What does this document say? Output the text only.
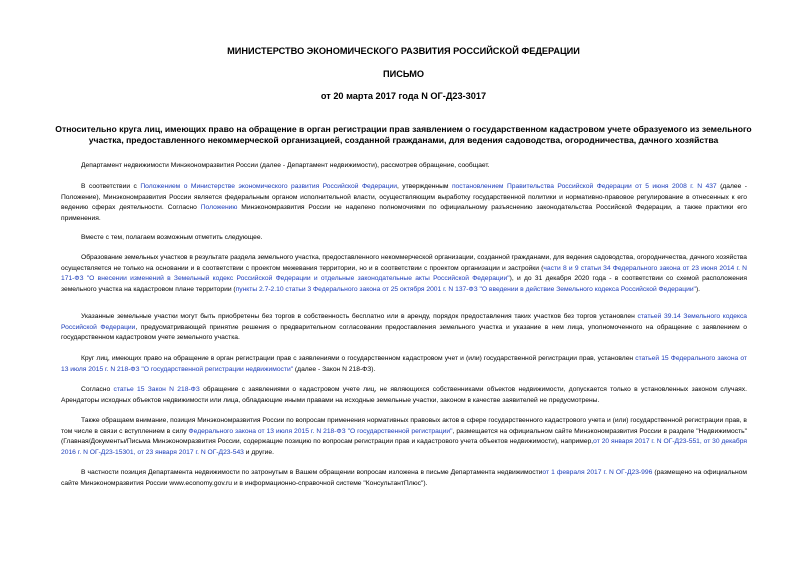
МИНИСТЕРСТВО ЭКОНОМИЧЕСКОГО РАЗВИТИЯ РОССИЙСКОЙ ФЕДЕРАЦИИ
ПИСЬМО
от 20 марта 2017 года N ОГ-Д23-3017
Относительно круга лиц, имеющих право на обращение в орган регистрации прав заявлением о государственном кадастровом учете образуемого из земельного участка, предоставленного некоммерческой организацией, созданной гражданами, для ведения садоводства, огородничества, дачного хозяйства
Департамент недвижимости Минэкономразвития России (далее - Департамент недвижимости), рассмотрев обращение, сообщает.
В соответствии с Положением о Министерстве экономического развития Российской Федерации, утвержденным постановлением Правительства Российской Федерации от 5 июня 2008 г. N 437 (далее - Положение), Минэкономразвития России является федеральным органом исполнительной власти, осуществляющим выработку государственной политики и нормативно-правовое регулирование в отнесенных к его ведению сферах деятельности. Согласно Положению Минэкономразвития России не наделено полномочиями по официальному разъяснению законодательства Российской Федерации, а также практики его применения.
Вместе с тем, полагаем возможным отметить следующее.
Образование земельных участков в результате раздела земельного участка, предоставленного некоммерческой организации, созданной гражданами, для ведения садоводства, огородничества, дачного хозяйства осуществляется не только на основании и в соответствии с проектом межевания территории, но и в соответствии с проектом организации и застройки (части 8 и 9 статьи 34 Федерального закона от 23 июня 2014 г. N 171-ФЗ "О внесении изменений в Земельный кодекс Российской Федерации и отдельные законодательные акты Российской Федерации"), и до 31 декабря 2020 года - в соответствии со схемой расположения земельного участка на кадастровом плане территории (пункты 2.7-2.10 статьи 3 Федерального закона от 25 октября 2001 г. N 137-ФЗ "О введении в действие Земельного кодекса Российской Федерации").
Указанные земельные участки могут быть приобретены без торгов в собственность бесплатно или в аренду, порядок предоставления таких участков без торгов установлен статьей 39.14 Земельного кодекса Российской Федерации, предусматривающей принятие решения о предварительном согласовании предоставления земельного участка и указание в нем лица, уполномоченного на обращение с заявлением о государственном кадастровом учете земельного участка.
Круг лиц, имеющих право на обращение в орган регистрации прав с заявлениями о государственном кадастровом учет и (или) государственной регистрации прав, установлен статьей 15 Федерального закона от 13 июля 2015 г. N 218-ФЗ "О государственной регистрации недвижимости" (далее - Закон N 218-ФЗ).
Согласно статье 15 Закон N 218-ФЗ обращение с заявлениями о кадастровом учете лиц, не являющихся собственниками объектов недвижимости, допускается только в установленных законом случаях. Арендаторы исходных объектов недвижимости или лица, обладающие иными правами на исходные земельные участки, законом в качестве заявителей не предусмотрены.
Также обращаем внимание, позиция Минэкономразвития России по вопросам применения нормативных правовых актов в сфере государственного кадастрового учета и (или) государственной регистрации прав, в том числе в связи с вступлением в силу Федерального закона от 13 июля 2015 г. N 218-ФЗ "О государственной регистрации", размещается на официальном сайте Минэкономразвития России в разделе "Недвижимость" (Главная/Документы/Письма Минэкономразвития России, содержащие позицию по вопросам регистрации прав и кадастрового учета объектов недвижимости), например,от 20 января 2017 г. N ОГ-Д23-551, от 30 декабря 2016 г. N ОГ-Д23-15301, от 23 января 2017 г. N ОГ-Д23-543 и другие.
В частности позиция Департамента недвижимости по затронутым в Вашем обращении вопросам изложена в письме Департамента недвижимостиот 1 февраля 2017 г. N ОГ-Д23-996 (размещено на официальном сайте Минэкономразвития России www.economy.gov.ru и в информационно-справочной системе "КонсультантПлюс").
